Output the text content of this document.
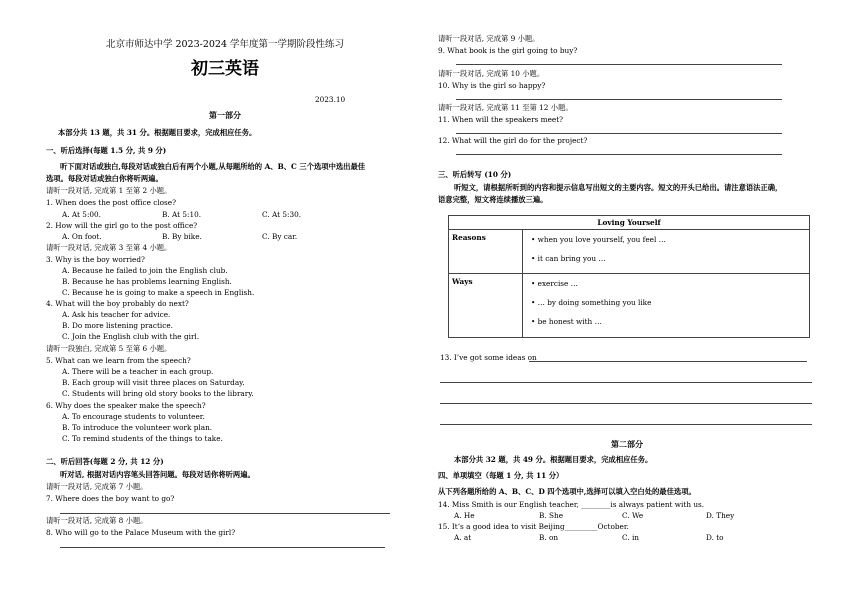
北京市师达中学 2023-2024 学年度第一学期阶段性练习
初三英语
2023.10
第一部分
本部分共 13 题，共 31 分。根据题目要求，完成相应任务。
一、听后选择(每题 1.5 分, 共 9 分)
听下面对话或独白,每段对话或独白后有两个小题,从每题所给的 A、B、C 三个选项中选出最佳
选项。每段对话或独白你将听两遍。
请听一段对话, 完成第 1 至第 2 小题。
1. When does the post office close?
A. At 5:00.	B. At 5:10.	C. At 5:30.
2. How will the girl go to the post office?
A. On foot.	B. By bike.	C. By car.
请听一段对话, 完成第 3 至第 4 小题。
3. Why is the boy worried?
A. Because he failed to join the English club.
B. Because he has problems learning English.
C. Because he is going to make a speech in English.
4. What will the boy probably do next?
A. Ask his teacher for advice.
B. Do more listening practice.
C. Join the English club with the girl.
请听一段独白, 完成第 5 至第 6 小题。
5. What can we learn from the speech?
A. There will be a teacher in each group.
B. Each group will visit three places on Saturday.
C. Students will bring old story books to the library.
6. Why does the speaker make the speech?
A. To encourage students to volunteer.
B. To introduce the volunteer work plan.
C. To remind students of the things to take.
二、听后回答(每题 2 分, 共 12 分)
听对话, 根据对话内容笔头回答问题。每段对话你将听两遍。
请听一段对话, 完成第 7 小题。
7. Where does the boy want to go?
请听一段对话, 完成第 8 小题。
8. Who will go to the Palace Museum with the girl?
请听一段对话, 完成第 9 小题。
9. What book is the girl going to buy?
请听一段对话, 完成第 10 小题。
10. Why is the girl so happy?
请听一段对话, 完成第 11 至第 12 小题。
11. When will the speakers meet?
12. What will the girl do for the project?
三、听后转写 (10 分)
听短文，请根据所听到的内容和提示信息写出短文的主要内容。短文的开头已给出。请注意语法正确，
语意完整，短文将连续播放三遍。
Loving Yourself	
Reasons	• when you love yourself, you feel …
• it can bring you …

Ways	• exercise …
• … by doing something you like
• be honest with …
13. I’ve got some ideas on
第二部分
本部分共 32 题，共 49 分。根据题目要求，完成相应任务。
四、单项填空（每题 1 分, 共 11 分）
从下列各题所给的 A、B、C、D 四个选项中,选择可以填入空白处的最佳选项。
14. Miss Smith is our English teacher, ________is always patient with us.
A. He	B. She	C. We	D. They
15. It’s a good idea to visit Beijing_________October.
A. at	B. on	C. in	D. to
